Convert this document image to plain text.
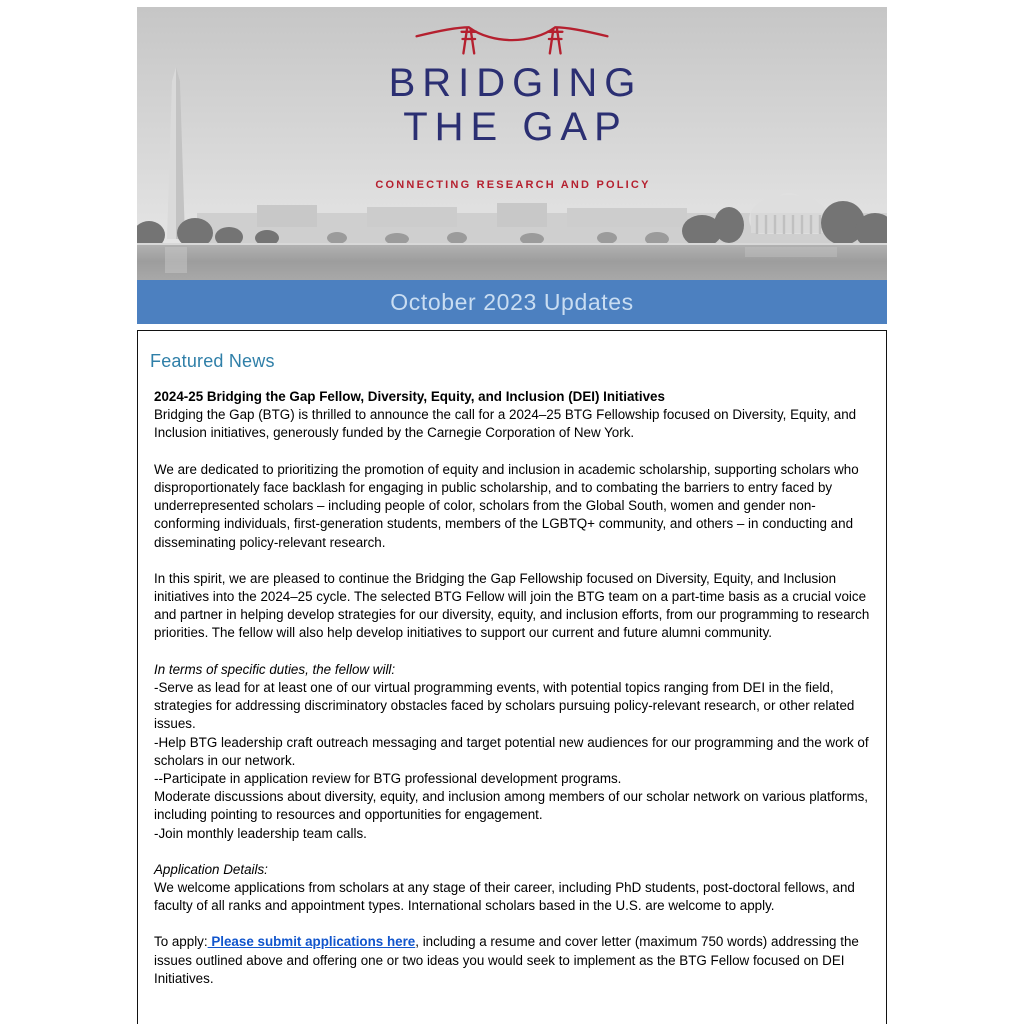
BRIDGING
THE GAP
CONNECTING RESEARCH AND POLICY
October 2023 Updates
Featured News

2024-25 Bridging the Gap Fellow, Diversity, Equity, and Inclusion (DEI) Initiatives

Bridging the Gap (BTG) is thrilled to announce the call for a 2024–25 BTG Fellowship focused on Diversity, Equity, and Inclusion initiatives, generously funded by the Carnegie Corporation of New York.

We are dedicated to prioritizing the promotion of equity and inclusion in academic scholarship, supporting scholars who disproportionately face backlash for engaging in public scholarship, and to combating the barriers to entry faced by underrepresented scholars – including people of color, scholars from the Global South, women and gender non-conforming individuals, first-generation students, members of the LGBTQ+ community, and others – in conducting and disseminating policy-relevant research.

In this spirit, we are pleased to continue the Bridging the Gap Fellowship focused on Diversity, Equity, and Inclusion initiatives into the 2024–25 cycle. The selected BTG Fellow will join the BTG team on a part-time basis as a crucial voice and partner in helping develop strategies for our diversity, equity, and inclusion efforts, from our programming to research priorities. The fellow will also help develop initiatives to support our current and future alumni community.

In terms of specific duties, the fellow will:

-Serve as lead for at least one of our virtual programming events, with potential topics ranging from DEI in the field, strategies for addressing discriminatory obstacles faced by scholars pursuing policy-relevant research, or other related issues.

-Help BTG leadership craft outreach messaging and target potential new audiences for our programming and the work of scholars in our network.

--Participate in application review for BTG professional development programs.

Moderate discussions about diversity, equity, and inclusion among members of our scholar network on various platforms, including pointing to resources and opportunities for engagement.

-Join monthly leadership team calls.

Application Details:

We welcome applications from scholars at any stage of their career, including PhD students, post-doctoral fellows, and faculty of all ranks and appointment types. International scholars based in the U.S. are welcome to apply.

To apply: Please submit applications here, including a resume and cover letter (maximum 750 words) addressing the issues outlined above and offering one or two ideas you would seek to implement as the BTG Fellow focused on DEI Initiatives.
